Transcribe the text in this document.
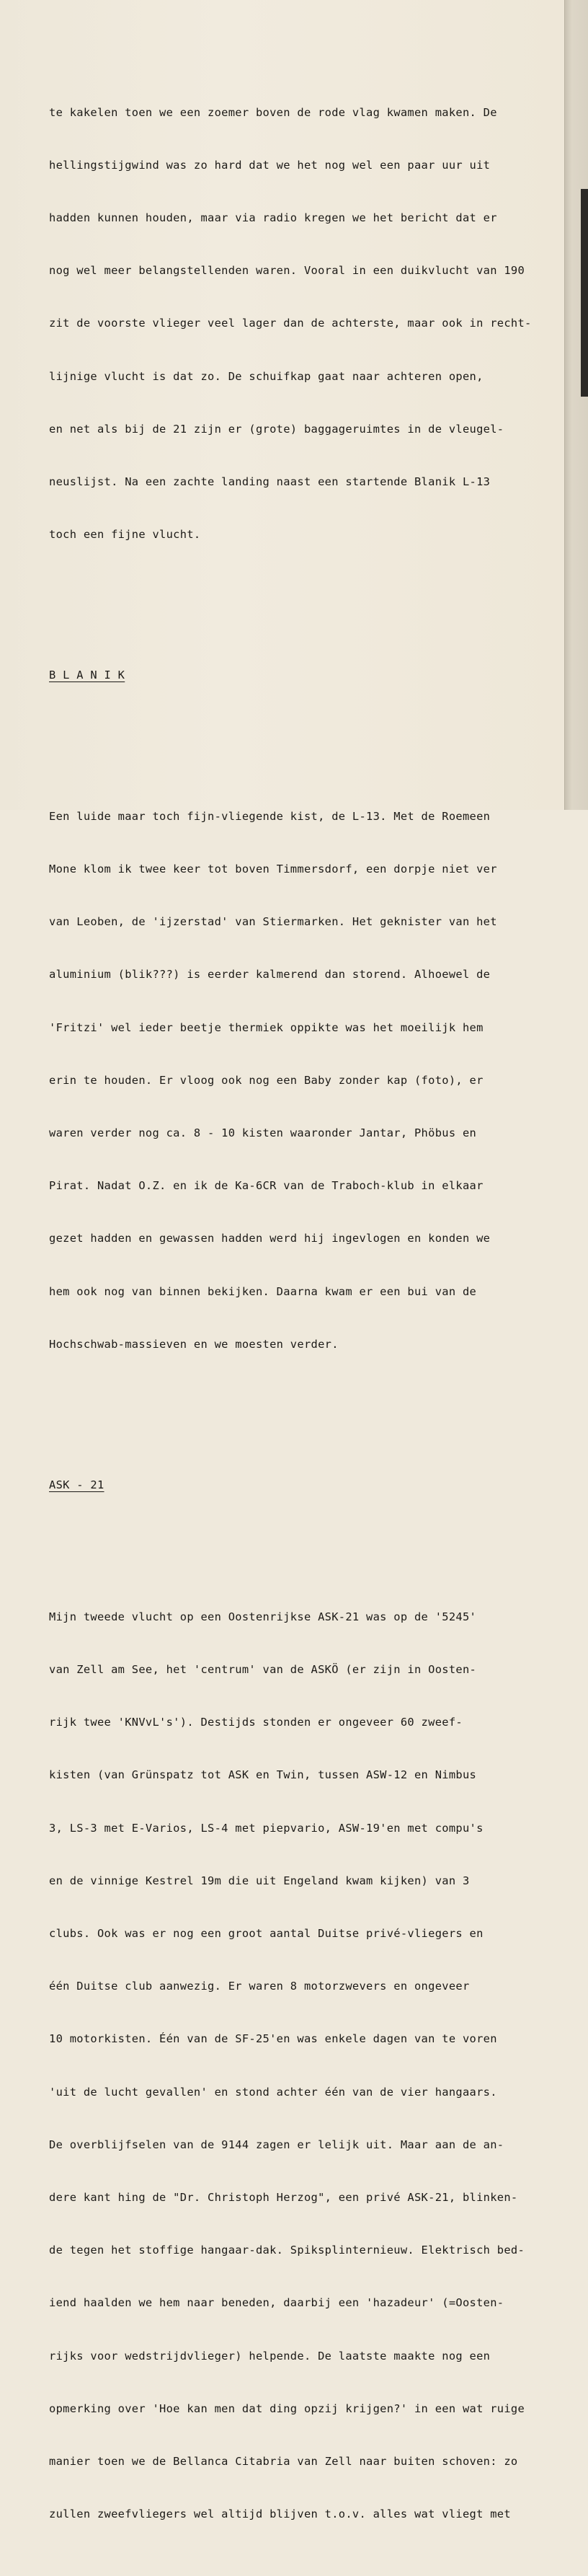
te kakelen toen we een zoemer boven de rode vlag kwamen maken. De

hellingstijgwind was zo hard dat we het nog wel een paar uur uit

hadden kunnen houden, maar via radio kregen we het bericht dat er

nog wel meer belangstellenden waren. Vooral in een duikvlucht van 190

zit de voorste vlieger veel lager dan de achterste, maar ook in recht-

lijnige vlucht is dat zo. De schuifkap gaat naar achteren open,

en net als bij de 21 zijn er (grote) baggageruimtes in de vleugel-

neuslijst. Na een zachte landing naast een startende Blanik L-13

toch een fijne vlucht.

B L A N I K

Een luide maar toch fijn-vliegende kist, de L-13. Met de Roemeen

Mone klom ik twee keer tot boven Timmersdorf, een dorpje niet ver

van Leoben, de 'ijzerstad' van Stiermarken. Het geknister van het

aluminium (blik???) is eerder kalmerend dan storend. Alhoewel de

'Fritzi' wel ieder beetje thermiek oppikte was het moeilijk hem

erin te houden. Er vloog ook nog een Baby zonder kap (foto), er

waren verder nog ca. 8 - 10 kisten waaronder Jantar, Phöbus en

Pirat. Nadat O.Z. en ik de Ka-6CR van de Traboch-klub in elkaar

gezet hadden en gewassen hadden werd hij ingevlogen en konden we

hem ook nog van binnen bekijken. Daarna kwam er een bui van de

Hochschwab-massieven en we moesten verder.

ASK - 21

Mijn tweede vlucht op een Oostenrijkse ASK-21 was op de '5245'

van Zell am See, het 'centrum' van de ASKÖ (er zijn in Oosten-

rijk twee 'KNVvL's'). Destijds stonden er ongeveer 60 zweef-

kisten (van Grünspatz tot ASK en Twin, tussen ASW-12 en Nimbus

3, LS-3 met E-Varios, LS-4 met piepvario, ASW-19'en met compu's

en de vinnige Kestrel 19m die uit Engeland kwam kijken) van 3

clubs. Ook was er nog een groot aantal Duitse privé-vliegers en

één Duitse club aanwezig. Er waren 8 motorzwevers en ongeveer

10 motorkisten. Één van de SF-25'en was enkele dagen van te voren

'uit de lucht gevallen' en stond achter één van de vier hangaars.

De overblijfselen van de 9144 zagen er lelijk uit. Maar aan de an-

dere kant hing de "Dr. Christoph Herzog", een privé ASK-21, blinken-

de tegen het stoffige hangaar-dak. Spiksplinternieuw. Elektrisch bed-

iend haalden we hem naar beneden, daarbij een 'hazadeur' (=Oosten-

rijks voor wedstrijdvlieger) helpende. De laatste maakte nog een

opmerking over 'Hoe kan men dat ding opzij krijgen?' in een wat ruige

manier toen we de Bellanca Citabria van Zell naar buiten schoven: zo

zullen zweefvliegers wel altijd blijven t.o.v. alles wat vliegt met
